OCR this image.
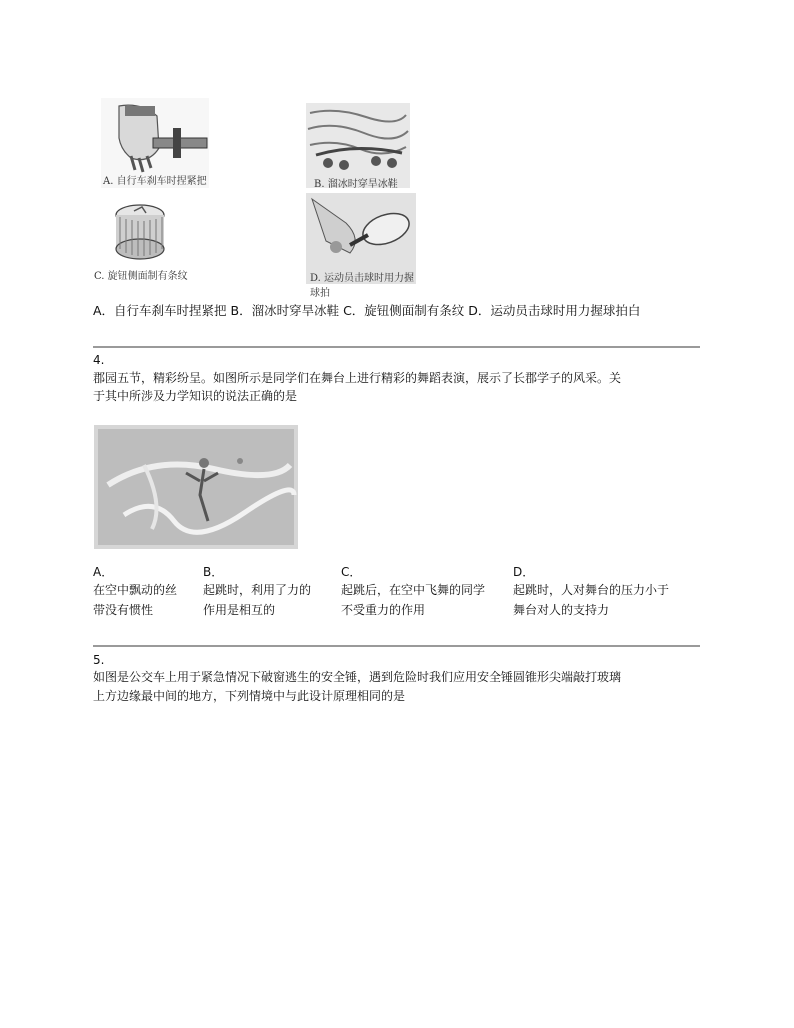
A. 自行车刹车时捏紧把	B. 溜冰时穿旱冰鞋
C. 旋钮侧面制有条纹	D. 运动员击球时用力握球拍
A．自行车刹车时捏紧把 B．溜冰时穿旱冰鞋 C．旋钮侧面制有条纹 D．运动员击球时用力握球拍白
4.
郡园五节，精彩纷呈。如图所示是同学们在舞台上进行精彩的舞蹈表演，展示了长郡学子的风采。关
于其中所涉及力学知识的说法正确的是
A．
在空中飘动的丝
带没有惯性
B．
起跳时，利用了力的
作用是相互的
C．
起跳后，在空中飞舞的同学
不受重力的作用
D．
起跳时，人对舞台的压力小于
舞台对人的支持力
5.
如图是公交车上用于紧急情况下破窗逃生的安全锤，遇到危险时我们应用安全锤圆锥形尖端敲打玻璃
上方边缘最中间的地方，下列情境中与此设计原理相同的是
